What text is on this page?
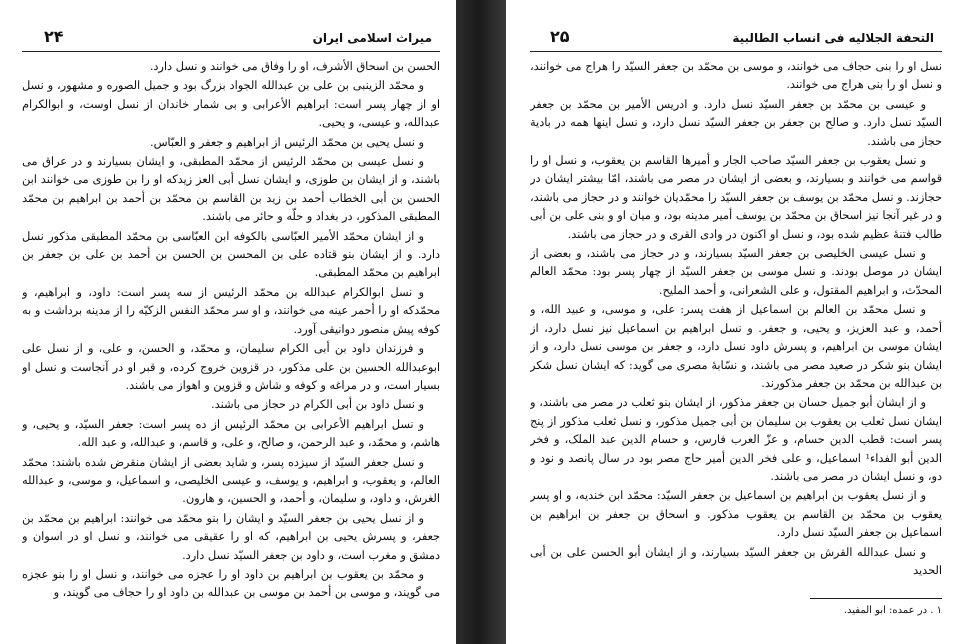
۲۴	میراث اسلامی ایران

الحسن بن اسحاق الأشرف، او را وفاق می خوانند و نسل دارد.

و محمّد الزینبی بن علی بن عبدالله الجواد بزرگ بود و جمیل الصوره و مشهور، و نسل او از چهار پسر است: ابراهیم الأعرابی و بی شمار خاندان از نسل اوست، و ابوالکرام عبدالله، و عیسی، و یحیی.

و نسل یحیی بن محمّد الرئیس از ابراهیم و جعفر و العبّاس.

و نسل عیسی بن محمّد الرئیس از محمّد المطبقی، و ایشان بسیارند و در عراق می باشند، و از ایشان بن طوزی، و ایشان نسل أبی العز زیدکه او را بن طوزی می خوانند ابن الحسن بن أبی الخطاب أحمد بن زید بن القاسم بن محمّد بن أحمد بن ابراهیم بن محمّد المطبقی المذکور، در بغداد و حلّه و حائر می باشند.

و از ایشان محمّد الأمیر العبّاسی بالکوفه ابن العبّاسی بن محمّد المطبقی مذکور نسل دارد. و از ایشان بنو قتاده علی بن المحسن بن الحسن بن أحمد بن علی بن جعفر بن ابراهیم بن محمّد المطبقی.

و نسل ابوالکرام عبدالله بن محمّد الرئیس از سه پسر است: داود، و ابراهیم، و محمّدکه او را أحمر عینه می خوانند، و او سر محمّد النفس الزکیّه را از مدینه برداشت و به کوفه پیش منصور دوانیقی آورد.

و فرزندان داود بن أبی الکرام سلیمان، و محمّد، و الحسن، و علی، و از نسل علی ابوعبدالله الحسین بن علی مذکور، در قزوین خروج کرده، و قبر او در آنجاست و نسل او بسیار است، و در مراغه و کوفه و شاش و قزوین و اهواز می باشند.

و نسل داود بن أبی الکرام در حجاز می باشند.

و نسل ابراهیم الأعرابی بن محمّد الرئیس از ده پسر است: جعفر السیّد، و یحیی، و هاشم، و محمّد، و عبد الرحمن، و صالح، و علی، و قاسم، و عبدالله، و عبد الله.

و نسل جعفر السیّد از سیزده پسر، و شاید بعضی از ایشان منقرض شده باشند: محمّد العالم، و یعقوب، و ابراهیم، و یوسف، و عیسی الخلیصی، و اسماعیل، و موسی، و عبدالله الغرش، و داود، و سلیمان، و أحمد، و الحسین، و هارون.

و از نسل یحیی بن جعفر السیّد و ایشان را بنو محمّد می خوانند: ابراهیم بن محمّد بن جعفر، و پسرش یحیی بن ابراهیم، که او را عقیقی می خوانند، و نسل او در اسوان و دمشق و مغرب است، و داود بن جعفر السیّد نسل دارد.

و محمّد بن یعقوب بن ابراهیم بن داود او را عجزه می خوانند، و نسل او را بنو عجزه می گویند، و موسی بن أحمد بن موسی بن عبدالله بن داود او را حجاف می گویند، و

۲۵	التحفة الجلالیه فی انساب الطالبیة

نسل او را بنی حجاف می خوانند، و موسی بن محمّد بن جعفر السیّد را هراج می خوانند، و نسل او را بنی هراج می خوانند.

و عیسی بن محمّد بن جعفر السیّد نسل دارد. و ادریس الأمیر بن محمّد بن جعفر السیّد نسل دارد. و صالح بن جعفر بن جعفر السیّد نسل دارد، و نسل اینها همه در بادیة حجاز می باشند.

و نسل یعقوب بن جعفر السیّد صاحب الجار و أمیرها القاسم بن یعقوب، و نسل او را قواسم می خوانند و بسیارند، و بعضی از ایشان در مصر می باشند، امّا بیشتر ایشان در حجازند. و نسل محمّد بن یوسف بن جعفر السیّد را محمّدیان خوانند و در حجاز می باشند، و در غیر آنجا نیز اسحاق بن محمّد بن یوسف أمیر مدینه بود، و میان او و بنی علی بن أبی طالب فتنهٔ عظیم شده بود، و نسل او اکنون در وادی القری و در حجاز می باشند.

و نسل عیسی الخلیصی بن جعفر السیّد بسیارند، و در حجاز می باشند، و بعضی از ایشان در موصل بودند. و نسل موسی بن جعفر السیّد از چهار پسر بود: محمّد العالم المحدّث، و ابراهیم المقتول، و علی الشعرانی، و أحمد الملیح.

و نسل محمّد بن العالم بن اسماعیل از هفت پسر: علی، و موسی، و عبید الله، و أحمد، و عبد العزیز، و یحیی، و جعفر. و نسل ابراهیم بن اسماعیل نیز نسل دارد، از ایشان موسی بن ابراهیم، و پسرش داود نسل دارد، و جعفر بن موسی نسل دارد، و از ایشان بنو شکر در صعید مصر می باشند، و نسّابهٔ مصری می گوید: که ایشان نسل شکر بن عبدالله بن محمّد بن جعفر مذکورند.

و از ایشان أبو جمیل حسان بن جعفر مذکور، از ایشان بنو ثعلب در مصر می باشند، و ایشان نسل ثعلب بن یعقوب بن سلیمان بن أبی جمیل مذکور، و نسل ثعلب مذکور از پنج پسر است: قطب الدین حسام، و عزّ العرب فارس، و حسام الدین عبد الملک، و فخر الدین أبو الفداء¹ اسماعیل، و علی فخر الدین أمیر حاج مصر بود در سال پانصد و نود و دو، و نسل ایشان در مصر می باشند.

و از نسل یعقوب بن ابراهیم بن اسماعیل بن جعفر السیّد: محمّد ابن خندیه، و او پسر یعقوب بن محمّد بن القاسم بن یعقوب مذکور. و اسحاق بن جعفر بن ابراهیم بن اسماعیل بن جعفر السیّد نسل دارد.

و نسل عبدالله القرش بن جعفر السیّد بسیارند، و از ایشان أبو الحسن علی بن أبی الحدید

۱ . در عمده: ابو المفید.
